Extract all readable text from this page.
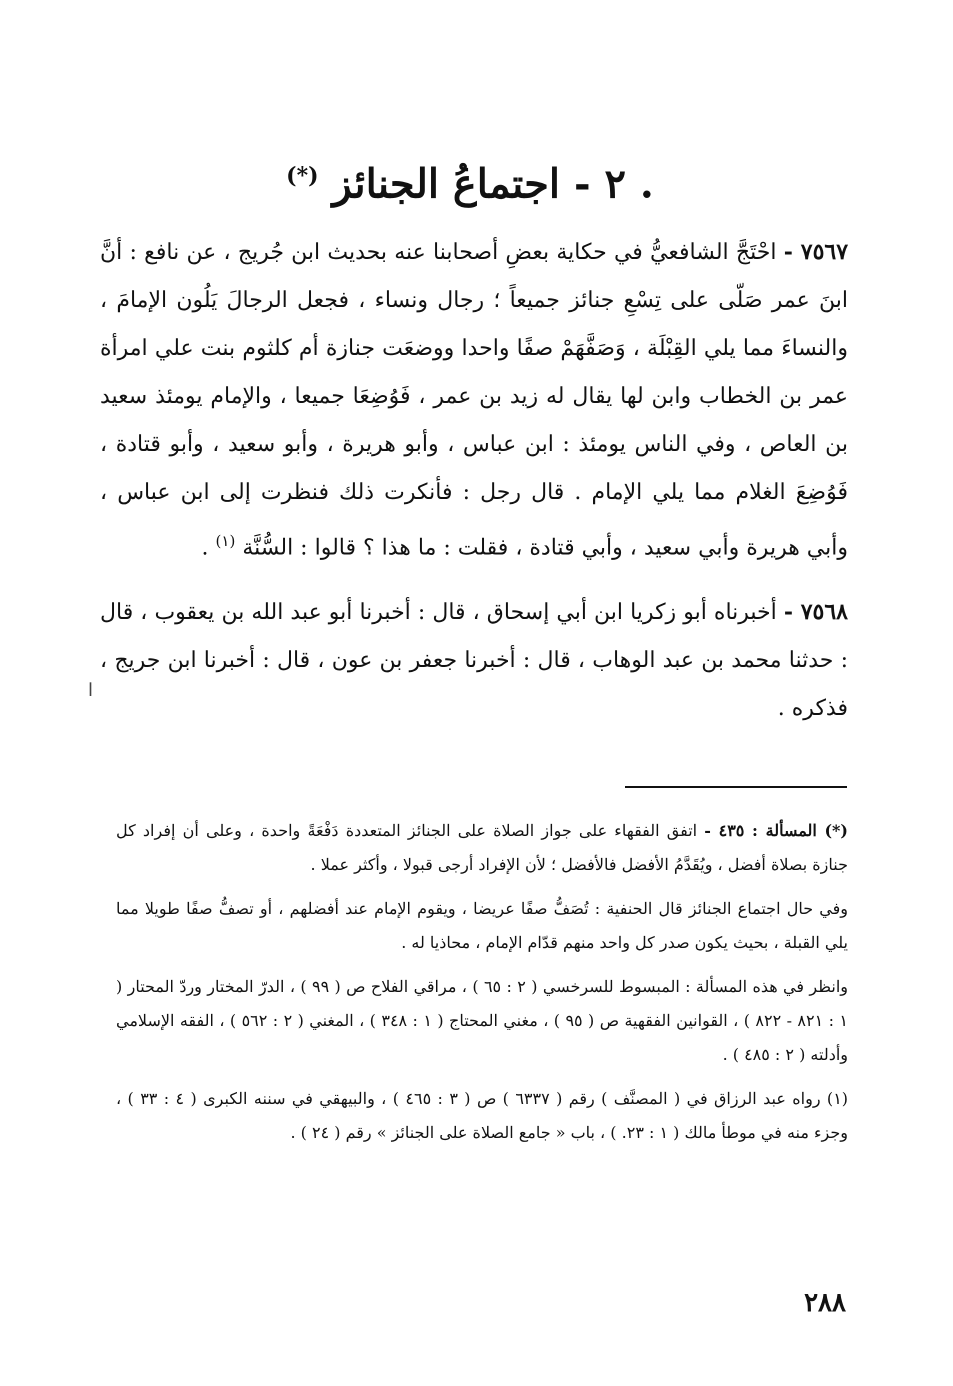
. ٢ - اجتماعُ الجنائز (*)

٧٥٦٧ - احْتَجَّ الشافعيُّ في حكاية بعضِ أصحابنا عنه بحديث ابن جُريج ، عن نافع : أنَّ ابنَ عمر صَلّى على تِسْعِ جنائز جميعاً ؛ رجال ونساء ، فجعل الرجالَ يَلُون الإمامَ ، والنساءَ مما يلي القِبْلَة ، وَصَفَّهَمْ صفًا واحدا ووضعَت جنازة أم كلثوم بنت علي امرأة عمر بن الخطاب وابن لها يقال له زيد بن عمر ، فَوُضِعَا جميعا ، والإمام يومئذ سعيد بن العاص ، وفي الناس يومئذ : ابن عباس ، وأبو هريرة ، وأبو سعيد ، وأبو قتادة ، فَوُضِعَ الغلام مما يلي الإمام . قال رجل : فأنكرت ذلك فنظرت إلى ابن عباس ، وأبي هريرة وأبي سعيد ، وأبي قتادة ، فقلت : ما هذا ؟ قالوا : السُّنَّة $^{(١)}$ .

٧٥٦٨ - أخبرناه أبو زكريا ابن أبي إسحاق ، قال : أخبرنا أبو عبد الله بن يعقوب ، قال : حدثنا محمد بن عبد الوهاب ، قال : أخبرنا جعفر بن عون ، قال : أخبرنا ابن جريج ، فذكره .

ا

(*) المسألة : ٤٣٥ - اتفق الفقهاء على جواز الصلاة على الجنائز المتعددة دَفْعَةً واحدة ، وعلى أن إفراد كل جنازة بصلاة أفضل ، ويُقَدَّمُ الأفضل فالأفضل ؛ لأن الإفراد أرجى قبولا ، وأكثر عملا .

وفي حال اجتماع الجنائز قال الحنفية : تُصَفُّ صفًا عريضا ، ويقوم الإمام عند أفضلهم ، أو تصفُّ صفًا طويلا مما يلي القبلة ، بحيث يكون صدر كل واحد منهم قدّام الإمام ، محاذيا له .

وانظر في هذه المسألة : المبسوط للسرخسي ( ٢ : ٦٥ ) ، مراقي الفلاح ص ( ٩٩ ) ، الدرّ المختار وردّ المحتار ( ١ : ٨٢١ - ٨٢٢ ) ، القوانين الفقهية ص ( ٩٥ ) ، مغني المحتاج ( ١ : ٣٤٨ ) ، المغني ( ٢ : ٥٦٢ ) ، الفقه الإسلامي وأدلته ( ٢ : ٤٨٥ ) .

(١) رواه عبد الرزاق في ( المصنَّف ) رقم ( ٦٣٣٧ ) ص ( ٣ : ٤٦٥ ) ، والبيهقي في سننه الكبرى ( ٤ : ٣٣ ) ، وجزء منه في موطأ مالك ( ١ : ٢٣. ) ، باب « جامع الصلاة على الجنائز » رقم ( ٢٤ ) .

٢٨٨
